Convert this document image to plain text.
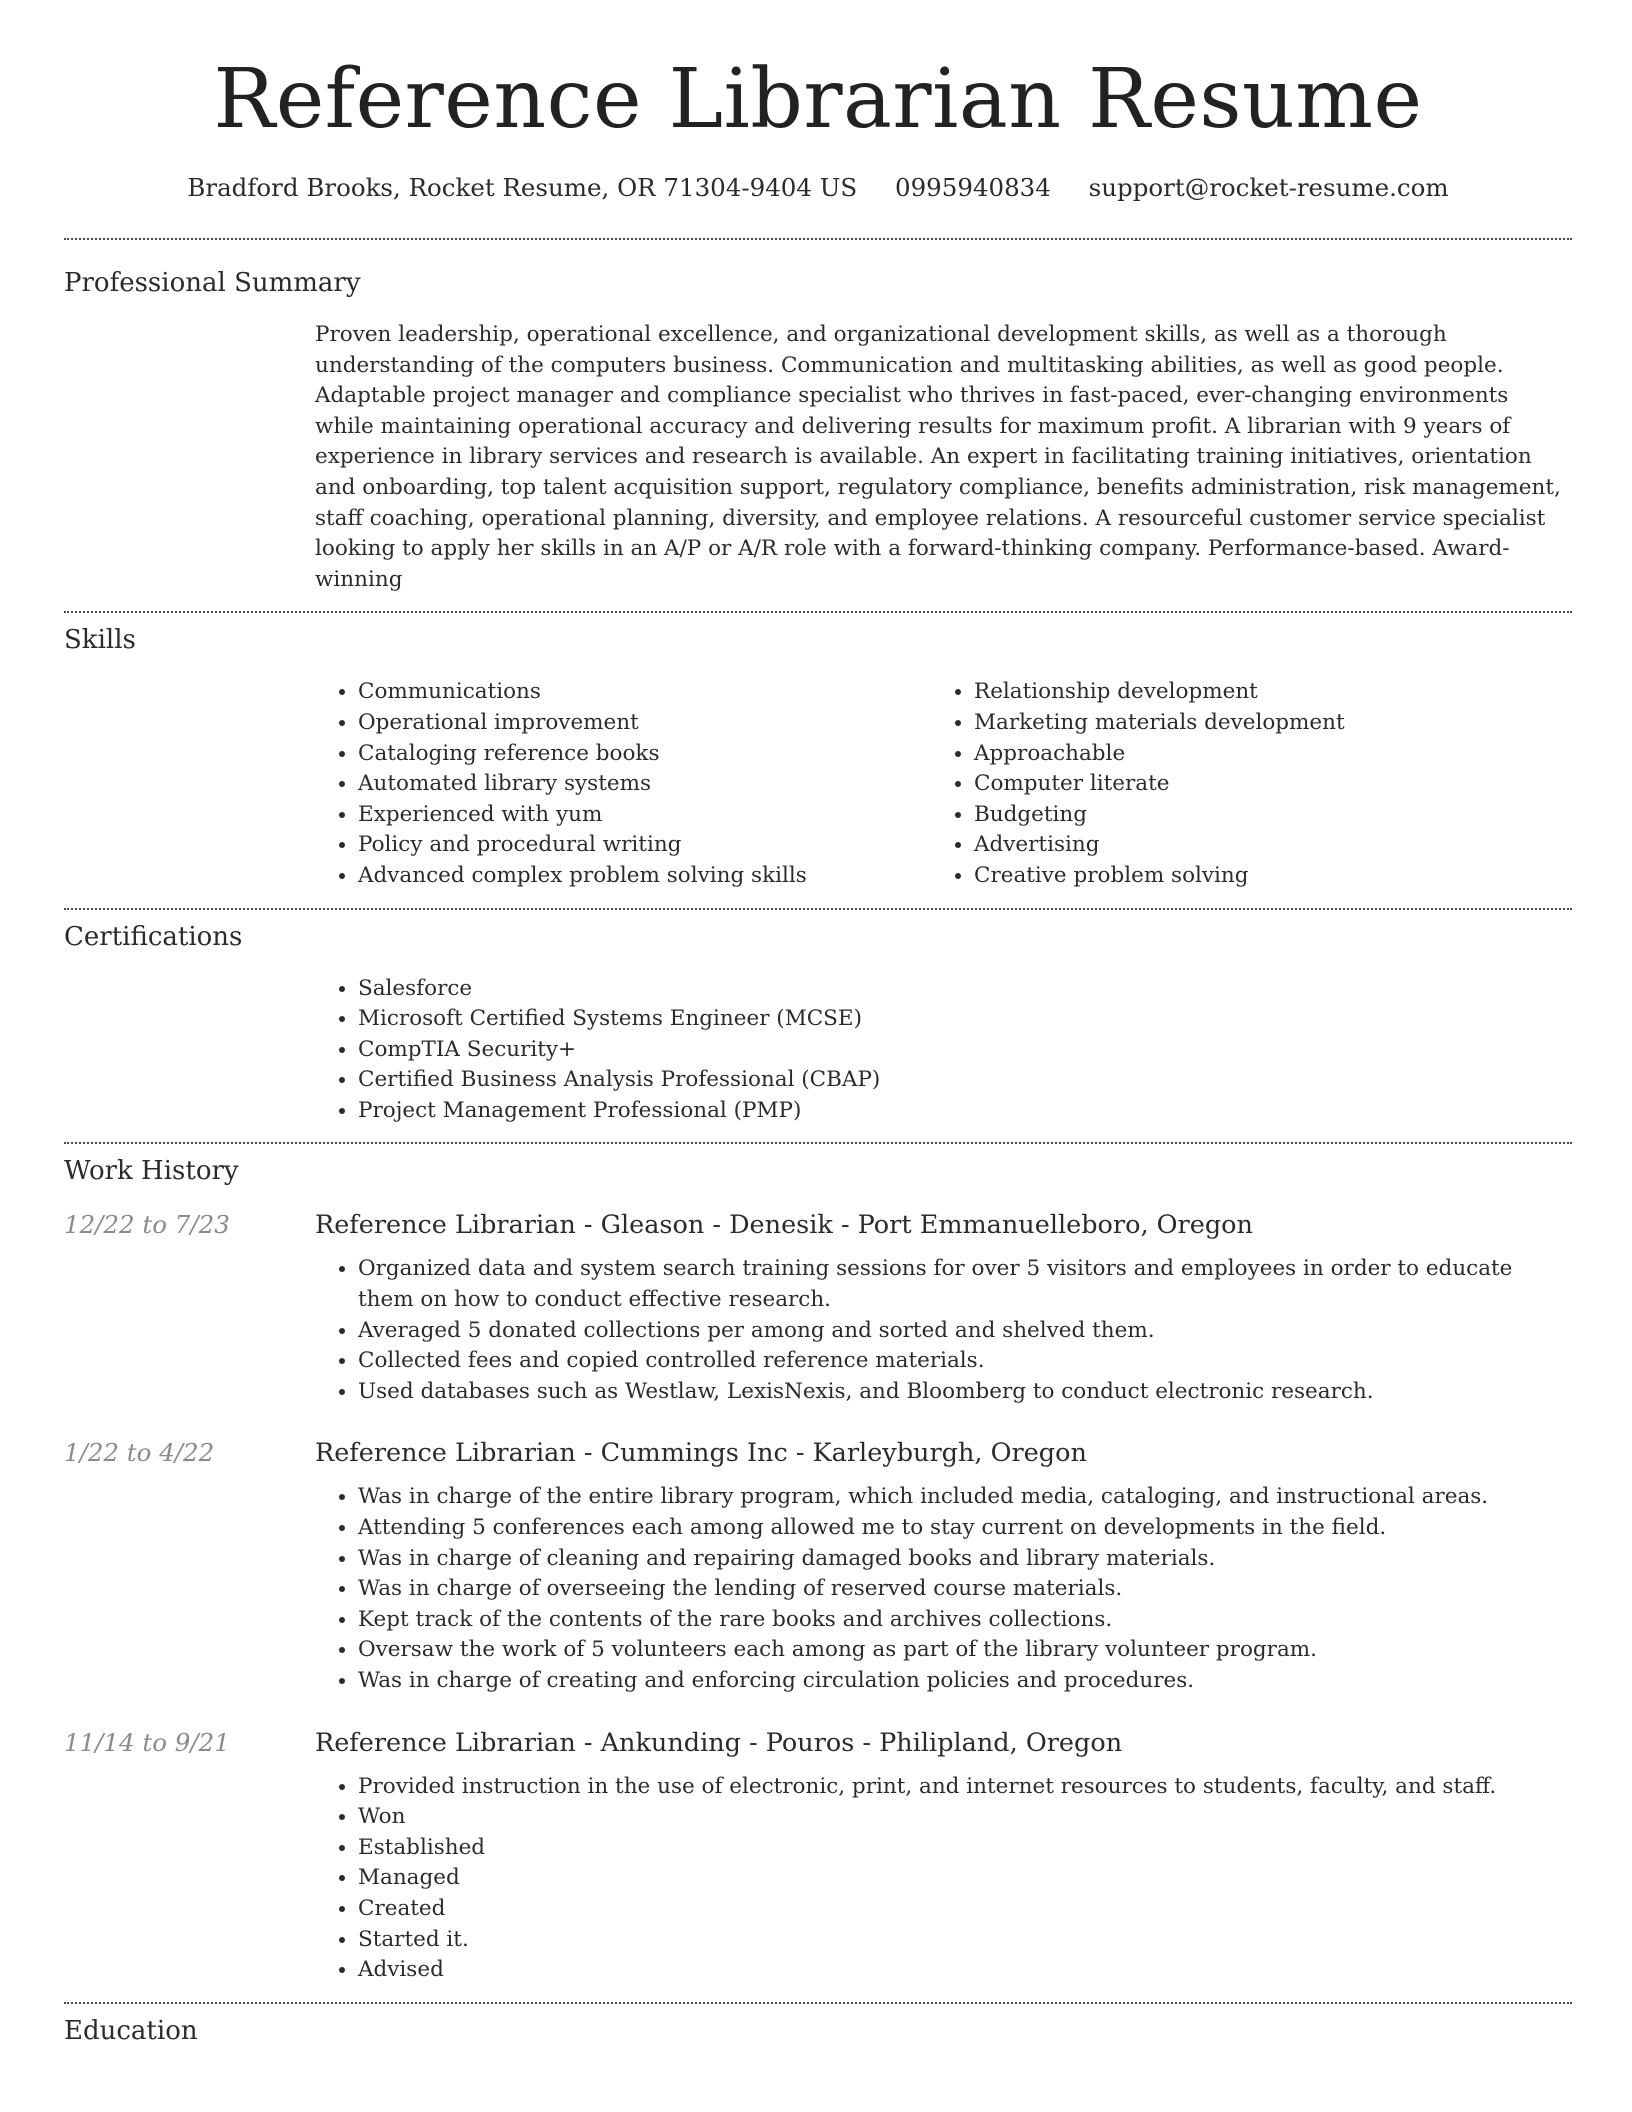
Reference Librarian Resume
Bradford Brooks, Rocket Resume, OR 71304-9404 US 0995940834 support@rocket-resume.com
Professional Summary

Proven leadership, operational excellence, and organizational development skills, as well as a thorough understanding of the computers business. Communication and multitasking abilities, as well as good people. Adaptable project manager and compliance specialist who thrives in fast-paced, ever-changing environments while maintaining operational accuracy and delivering results for maximum profit. A librarian with 9 years of experience in library services and research is available. An expert in facilitating training initiatives, orientation and onboarding, top talent acquisition support, regulatory compliance, benefits administration, risk management, staff coaching, operational planning, diversity, and employee relations. A resourceful customer service specialist looking to apply her skills in an A/P or A/R role with a forward-thinking company. Performance-based. Award-winning

Skills
• Communications
• Operational improvement
• Cataloging reference books
• Automated library systems
• Experienced with yum
• Policy and procedural writing
• Advanced complex problem solving skills
• Relationship development
• Marketing materials development
• Approachable
• Computer literate
• Budgeting
• Advertising
• Creative problem solving
Certifications
• Salesforce
• Microsoft Certified Systems Engineer (MCSE)
• CompTIA Security+
• Certified Business Analysis Professional (CBAP)
• Project Management Professional (PMP)
Work History
12/22 to 7/23	Reference Librarian - Gleason - Denesik - Port Emmanuelleboro, Oregon
• Organized data and system search training sessions for over 5 visitors and employees in order to educate them on how to conduct effective research.
• Averaged 5 donated collections per among and sorted and shelved them.
• Collected fees and copied controlled reference materials.
• Used databases such as Westlaw, LexisNexis, and Bloomberg to conduct electronic research.
1/22 to 4/22	Reference Librarian - Cummings Inc - Karleyburgh, Oregon
• Was in charge of the entire library program, which included media, cataloging, and instructional areas.
• Attending 5 conferences each among allowed me to stay current on developments in the field.
• Was in charge of cleaning and repairing damaged books and library materials.
• Was in charge of overseeing the lending of reserved course materials.
• Kept track of the contents of the rare books and archives collections.
• Oversaw the work of 5 volunteers each among as part of the library volunteer program.
• Was in charge of creating and enforcing circulation policies and procedures.
11/14 to 9/21	Reference Librarian - Ankunding - Pouros - Philipland, Oregon
• Provided instruction in the use of electronic, print, and internet resources to students, faculty, and staff.
• Won
• Established
• Managed
• Created
• Started it.
• Advised
Education
